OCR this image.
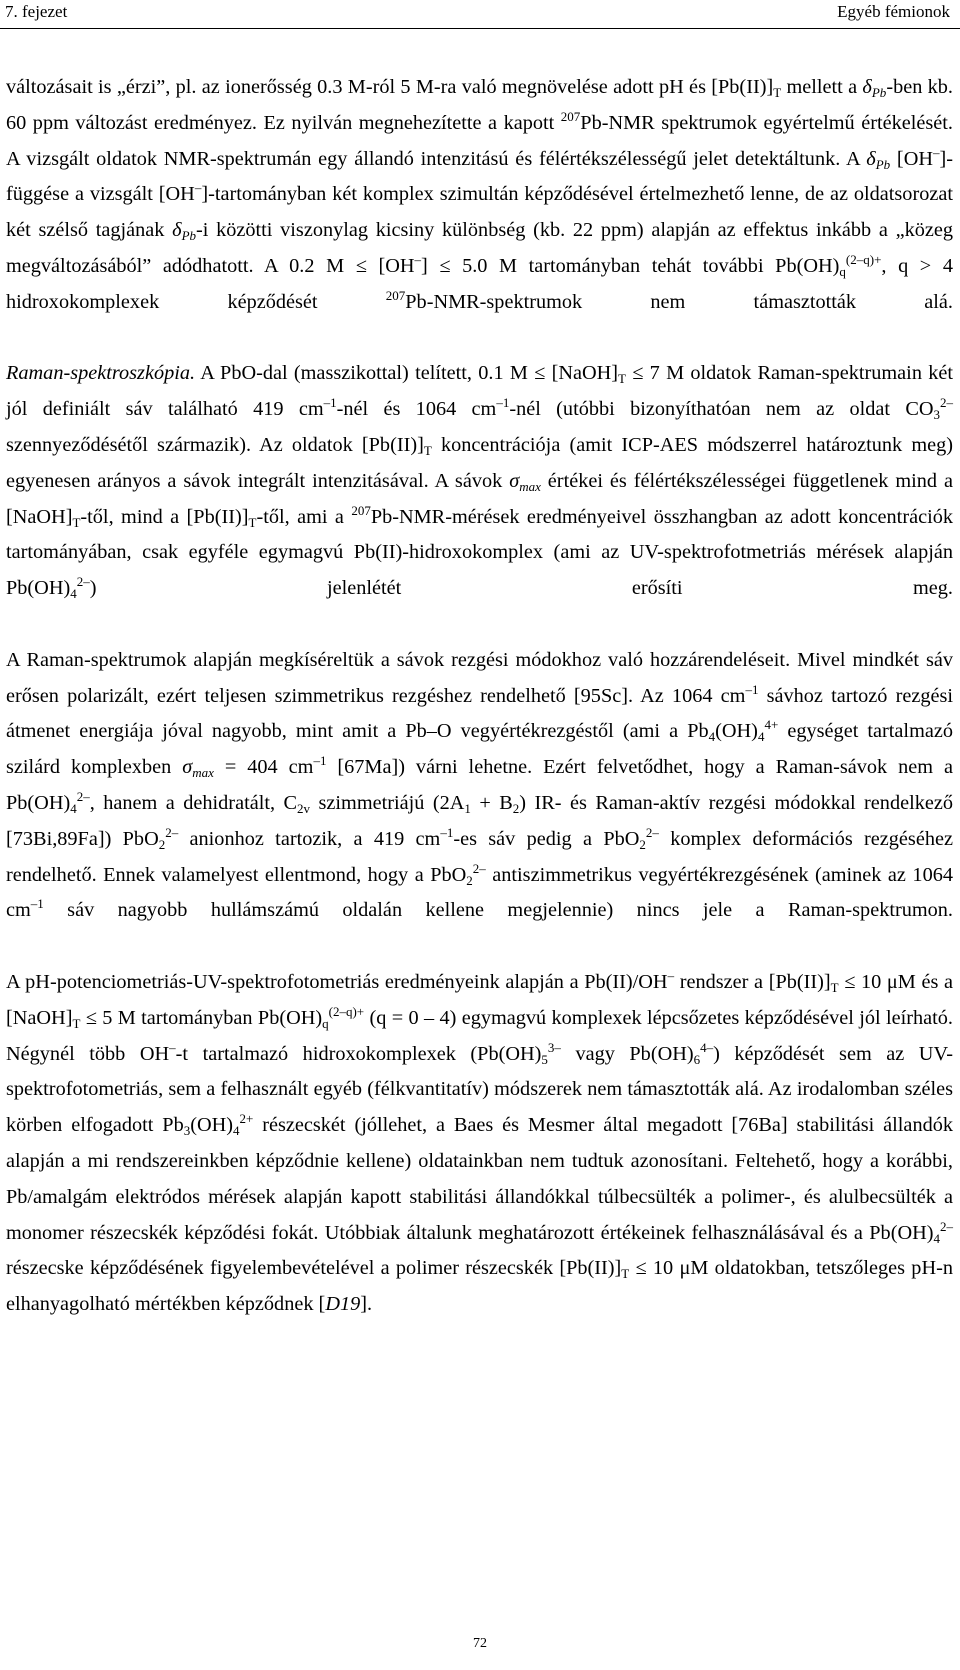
7. fejezet	Egyéb fémionok

változásait is „érzi”, pl. az ionerősség 0.3 M-ról 5 M-ra való megnövelése adott pH és $[Pb(II)]_T$ mellett a $\delta_{Pb}$-ben kb. 60 ppm változást eredményez. Ez nyilván megnehezítette a kapott $^{207}$Pb-NMR spektrumok egyértelmű értékelését. A vizsgált oldatok NMR-spektrumán egy állandó intenzitású és félértékszélességű jelet detektáltunk. A $\delta_{Pb}$ [OH–]-függése a vizsgált [OH–]-tartományban két komplex szimultán képződésével értelmezhető lenne, de az oldatsorozat két szélső tagjának $\delta_{Pb}-i$ közötti viszonylag kicsiny különbség (kb. 22 ppm) alapján az effektus inkább a „közeg megváltozásából” adódhatott. A 0.2 M ≤ [OH–] ≤ 5.0 M tartományban tehát további $Pb(OH)_q^{(2-q)+}$, q > 4 hidroxokomplexek képződését $^{207}$Pb-NMR-spektrumok nem támasztották alá.

Raman-spektroszkópia. A PbO-dal (masszikottal) telített, 0.1 $M \le [NaOH]_T \le 7$ M oldatok Raman-spektrumain két jól definiált sáv található 419 $cm^{-1}$-nél és 1064 $cm^{-1}$-nél (utóbbi bizonyíthatóan nem az oldat $CO_3^{2-}$ szennyeződésétől származik). Az oldatok $[Pb(II)]_T$ koncentrációja (amit ICP-AES módszerrel határoztunk meg) egyenesen arányos a sávok integrált intenzitásával. A sávok $\sigma_{max}$ értékei és félértékszélességei függetlenek mind a $[NaOH]_T$-től, mind a $[Pb(II)]_T$-től, ami a $^{207}$Pb-NMR-mérések eredményeivel összhangban az adott koncentrációk tartományában, csak egyféle egymagvú Pb(II)-hidroxokomplex (ami az UV-spektrofotmetriás mérések alapján $Pb(OH)_4^{2-}$) jelenlétét erősíti meg.

A Raman-spektrumok alapján megkíséreltük a sávok rezgési módokhoz való hozzárendeléseit. Mivel mindkét sáv erősen polarizált, ezért teljesen szimmetrikus rezgéshez rendelhető [95Sc]. Az 1064 $cm^{-1}$ sávhoz tartozó rezgési átmenet energiája jóval nagyobb, mint amit a Pb–O vegyértékrezgéstől (ami a $Pb_4(OH)_4^{4+}$ egységet tartalmazó szilárd komplexben $\sigma_{max} = 404$ $cm^{-1}$ [67Ma]) várni lehetne. Ezért felvetődhet, hogy a Raman-sávok nem a $Pb(OH)_4^{2-}$, hanem a dehidratált, $C_{2v}$ szimmetriájú $(2A_1 + B_2)$ IR- és Raman-aktív rezgési módokkal rendelkező [73Bi,89Fa]) PbO$_2^{2-}$ anionhoz tartozik, a 419 $cm^{-1}-es$ sáv pedig a PbO$_2^{2-}$ komplex deformációs rezgéséhez rendelhető. Ennek valamelyest ellentmond, hogy a PbO$_2^{2-}$ antiszimmetrikus vegyértékrezgésének (aminek az 1064 $cm^{-1}$ sáv nagyobb hullámszámú oldalán kellene megjelennie) nincs jele a Raman-spektrumon.

A pH-potenciometriás-UV-spektrofotometriás eredményeink alapján a Pb(II)/OH– rendszer a $[Pb(II)]_T \le 10$ μM és a $[NaOH]_T \le 5$ M tartományban $Pb(OH)_q^{(2-q)+}$ (q = 0 – 4) egymagvú komplexek lépcsőzetes képződésével jól leírható. Négynél több OH–-t tartalmazó hidroxokomplexek ($Pb(OH)_5^{3-}$ vagy $Pb(OH)_6^{4-}$) képződését sem az UV-spektrofotometriás, sem a felhasznált egyéb (félkvantitatív) módszerek nem támasztották alá. Az irodalomban széles körben elfogadott $Pb_3(OH)_4^{2+}$ részecskét (jóllehet, a Baes és Mesmer által megadott [76Ba] stabilitási állandók alapján a mi rendszereinkben képződnie kellene) oldatainkban nem tudtuk azonosítani. Feltehető, hogy a korábbi, Pb/amalgám elektródos mérések alapján kapott stabilitási állandókkal túlbecsülték a polimer-, és alulbecsülték a monomer részecskék képződési fokát. Utóbbiak általunk meghatározott értékeinek felhasználásával és a $Pb(OH)_4^{2-}$ részecske képződésének figyelembevételével a polimer részecskék $[Pb(II)]_T \le 10$ μM oldatokban, tetszőleges pH-n elhanyagolható mértékben képződnek [D19].

72
